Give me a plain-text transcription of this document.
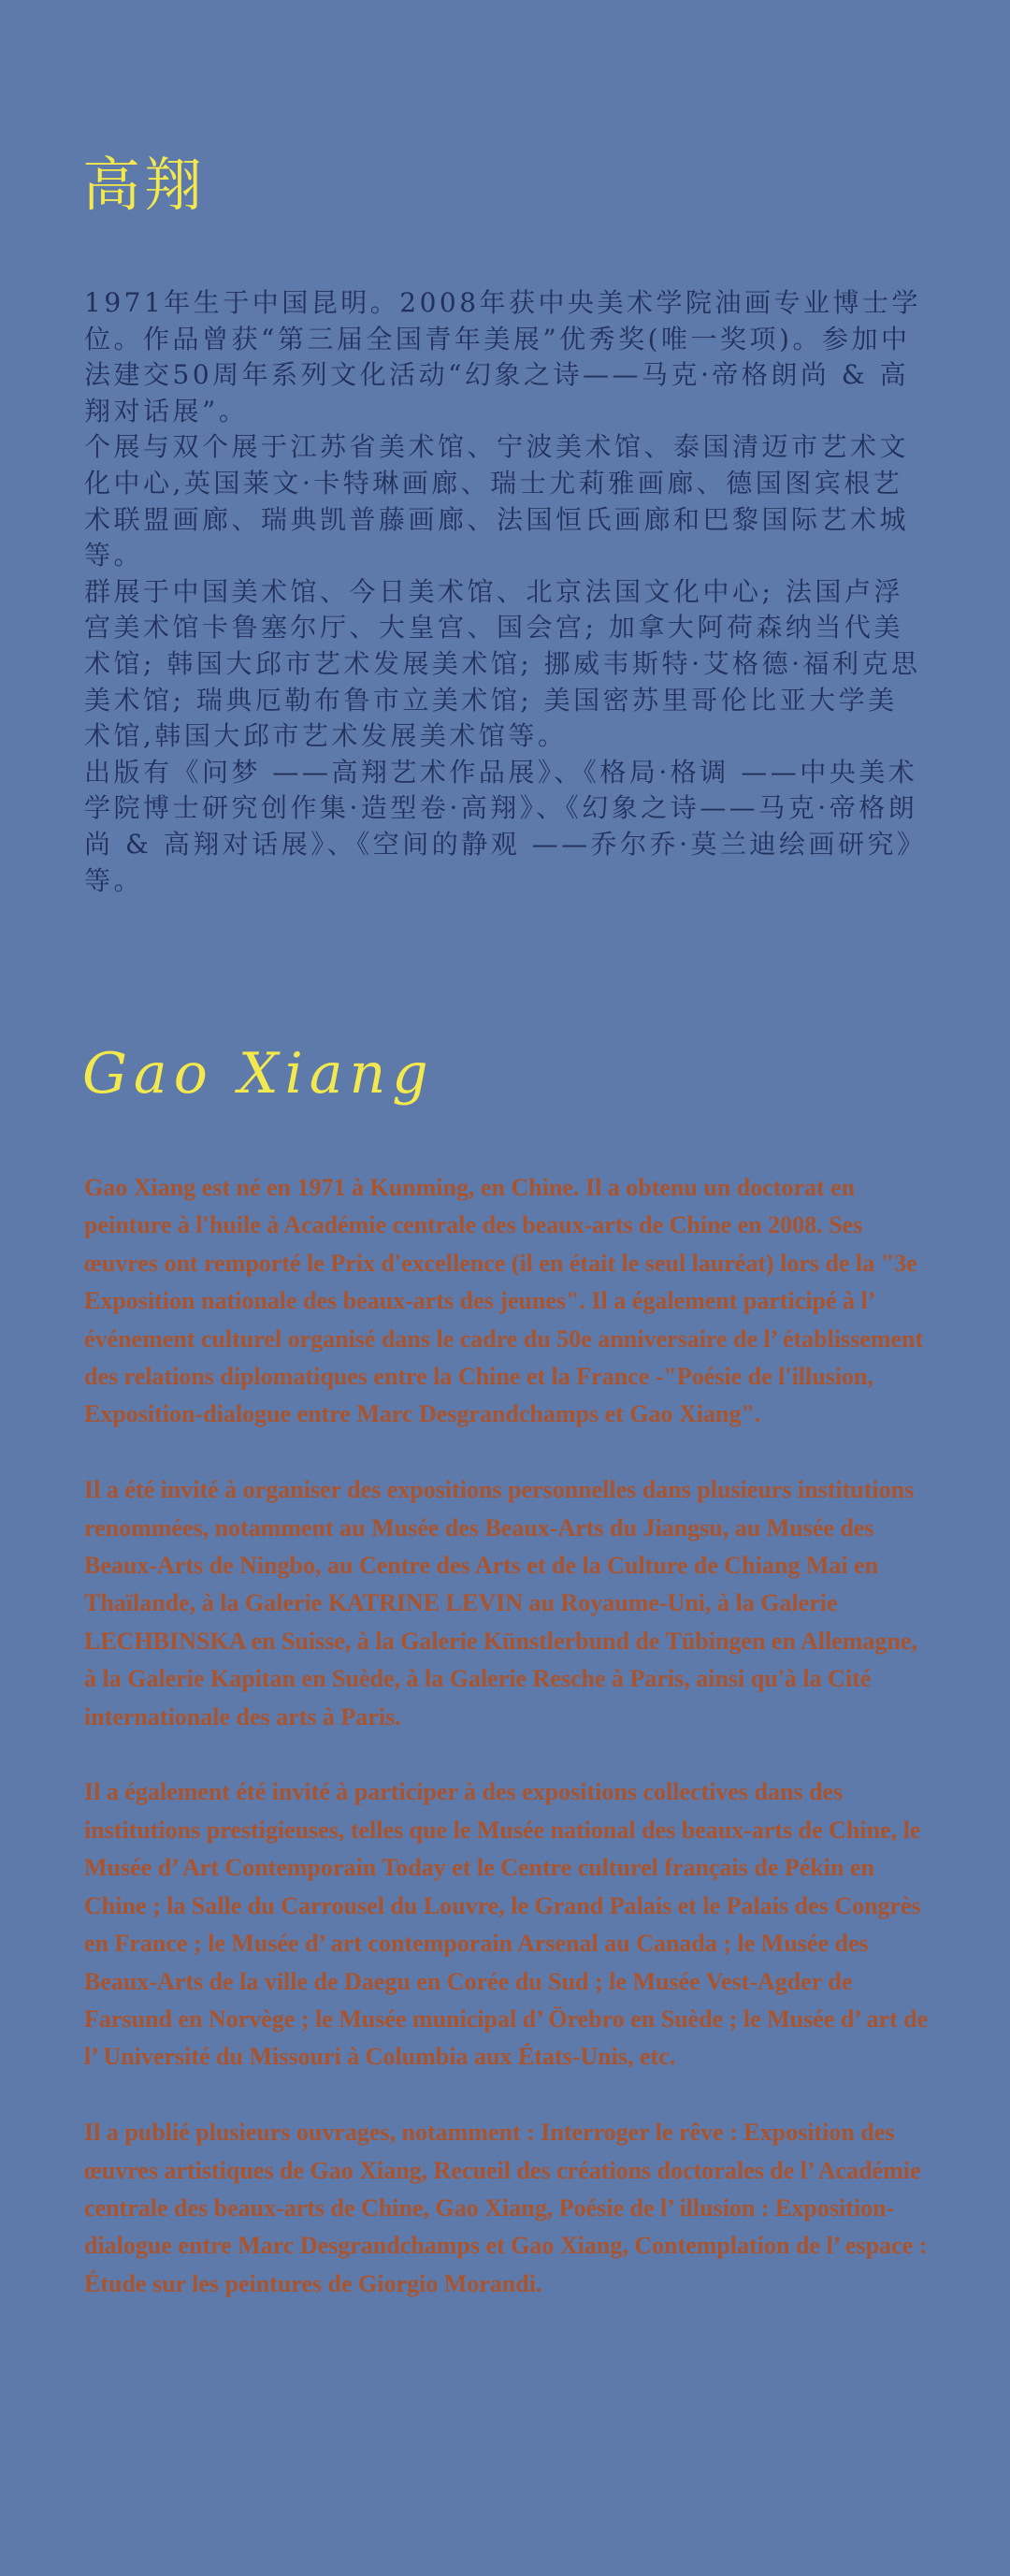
高翔

1971年生于中国昆明。2008年获中央美术学院油画专业博士学位。作品曾获“第三届全国青年美展”优秀奖(唯一奖项)。参加中法建交50周年系列文化活动“幻象之诗——马克·帝格朗尚 & 高翔对话展”。

个展与双个展于江苏省美术馆、宁波美术馆、泰国清迈市艺术文化中心,英国莱文·卡特琳画廊、瑞士尤莉雅画廊、德国图宾根艺术联盟画廊、瑞典凯普藤画廊、法国恒氏画廊和巴黎国际艺术城等。

群展于中国美术馆、今日美术馆、北京法国文化中心; 法国卢浮宫美术馆卡鲁塞尔厅、大皇宫、国会宫; 加拿大阿荷森纳当代美术馆; 韩国大邱市艺术发展美术馆; 挪威韦斯特·艾格德·福利克思美术馆; 瑞典厄勒布鲁市立美术馆; 美国密苏里哥伦比亚大学美术馆,韩国大邱市艺术发展美术馆等。

出版有《问梦 ——高翔艺术作品展》、《格局·格调 ——中央美术学院博士研究创作集·造型卷·高翔》、《幻象之诗——马克·帝格朗尚 & 高翔对话展》、《空间的静观 ——乔尔乔·莫兰迪绘画研究》等。

Gao Xiang

Gao Xiang est né en 1971 à Kunming, en Chine. Il a obtenu un doctorat en peinture à l'huile à Académie centrale des beaux-arts de Chine en 2008. Ses œuvres ont remporté le Prix d'excellence (il en était le seul lauréat) lors de la "3e Exposition nationale des beaux-arts des jeunes". Il a également participé à l’ événement culturel organisé dans le cadre du 50e anniversaire de l’ établissement des relations diplomatiques entre la Chine et la France -"Poésie de l'illusion, Exposition-dialogue entre Marc Desgrandchamps et Gao Xiang".

Il a été invité à organiser des expositions personnelles dans plusieurs institutions renommées, notamment au Musée des Beaux-Arts du Jiangsu, au Musée des Beaux-Arts de Ningbo, au Centre des Arts et de la Culture de Chiang Mai en Thaïlande, à la Galerie KATRINE LEVIN au Royaume-Uni, à la Galerie LECHBINSKA en Suisse, à la Galerie Künstlerbund de Tübingen en Allemagne, à la Galerie Kapitan en Suède, à la Galerie Resche à Paris, ainsi qu'à la Cité internationale des arts à Paris.

Il a également été invité à participer à des expositions collectives dans des institutions prestigieuses, telles que le Musée national des beaux-arts de Chine, le Musée d’ Art Contemporain Today et le Centre culturel français de Pékin en Chine ; la Salle du Carrousel du Louvre, le Grand Palais et le Palais des Congrès en France ; le Musée d’ art contemporain Arsenal au Canada ; le Musée des Beaux-Arts de la ville de Daegu en Corée du Sud ; le Musée Vest-Agder de Farsund en Norvège ; le Musée municipal d’ Örebro en Suède ; le Musée d’ art de l’ Université du Missouri à Columbia aux États-Unis, etc.

Il a publié plusieurs ouvrages, notamment : Interroger le rêve : Exposition des œuvres artistiques de Gao Xiang, Recueil des créations doctorales de l’ Académie centrale des beaux-arts de Chine, Gao Xiang, Poésie de l’ illusion : Exposition-dialogue entre Marc Desgrandchamps et Gao Xiang, Contemplation de l’ espace : Étude sur les peintures de Giorgio Morandi.
